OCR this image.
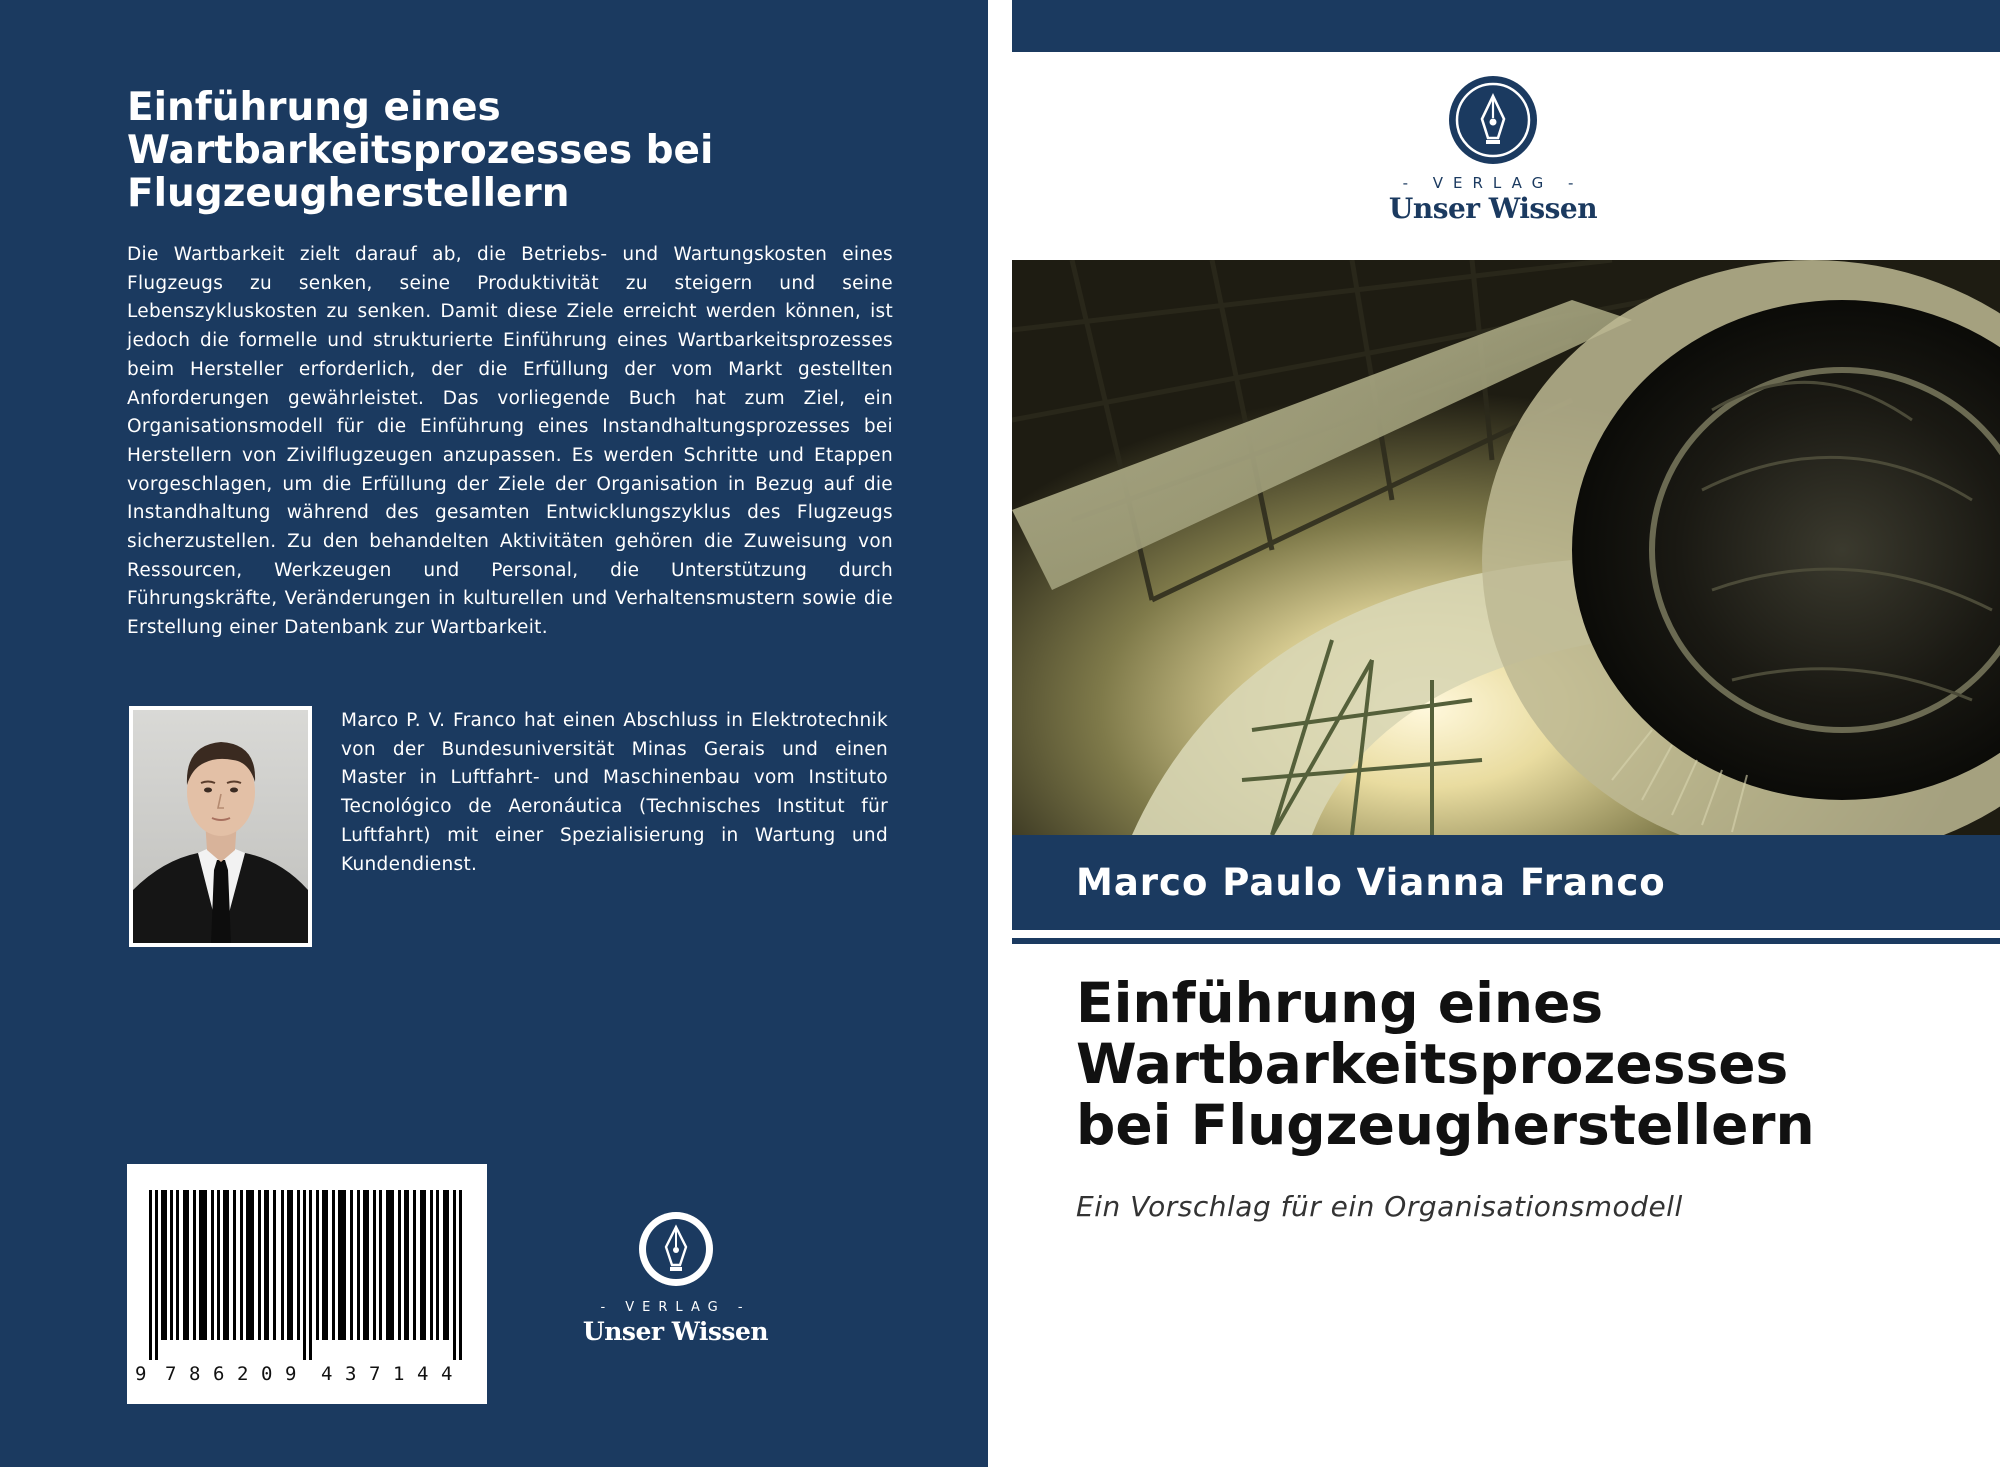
Einführung eines
Wartbarkeitsprozesses bei
Flugzeugherstellern

Die Wartbarkeit zielt darauf ab, die Betriebs- und Wartungskosten eines Flugzeugs zu senken, seine Produktivität zu steigern und seine Lebenszykluskosten zu senken. Damit diese Ziele erreicht werden können, ist jedoch die formelle und strukturierte Einführung eines Wartbarkeitsprozesses beim Hersteller erforderlich, der die Erfüllung der vom Markt gestellten Anforderungen gewährleistet. Das vorliegende Buch hat zum Ziel, ein Organisationsmodell für die Einführung eines Instandhaltungsprozesses bei Herstellern von Zivilflugzeugen anzupassen. Es werden Schritte und Etappen vorgeschlagen, um die Erfüllung der Ziele der Organisation in Bezug auf die Instandhaltung während des gesamten Entwicklungszyklus des Flugzeugs sicherzustellen. Zu den behandelten Aktivitäten gehören die Zuweisung von Ressourcen, Werkzeugen und Personal, die Unterstützung durch Führungskräfte, Veränderungen in kulturellen und Verhaltensmustern sowie die Erstellung einer Datenbank zur Wartbarkeit.

Marco P. V. Franco hat einen Abschluss in Elektrotechnik von der Bundesuniversität Minas Gerais und einen Master in Luftfahrt- und Maschinenbau vom Instituto Tecnológico de Aeronáutica (Technisches Institut für Luftfahrt) mit einer Spezialisierung in Wartung und Kundendienst.

9 7 8 6 2 0 9	4 3 7 1 4 4
- VERLAG -
Unser Wissen
- VERLAG -
Unser Wissen
Marco Paulo Vianna Franco
Einführung eines
Wartbarkeitsprozesses
bei Flugzeugherstellern

Ein Vorschlag für ein Organisationsmodell
